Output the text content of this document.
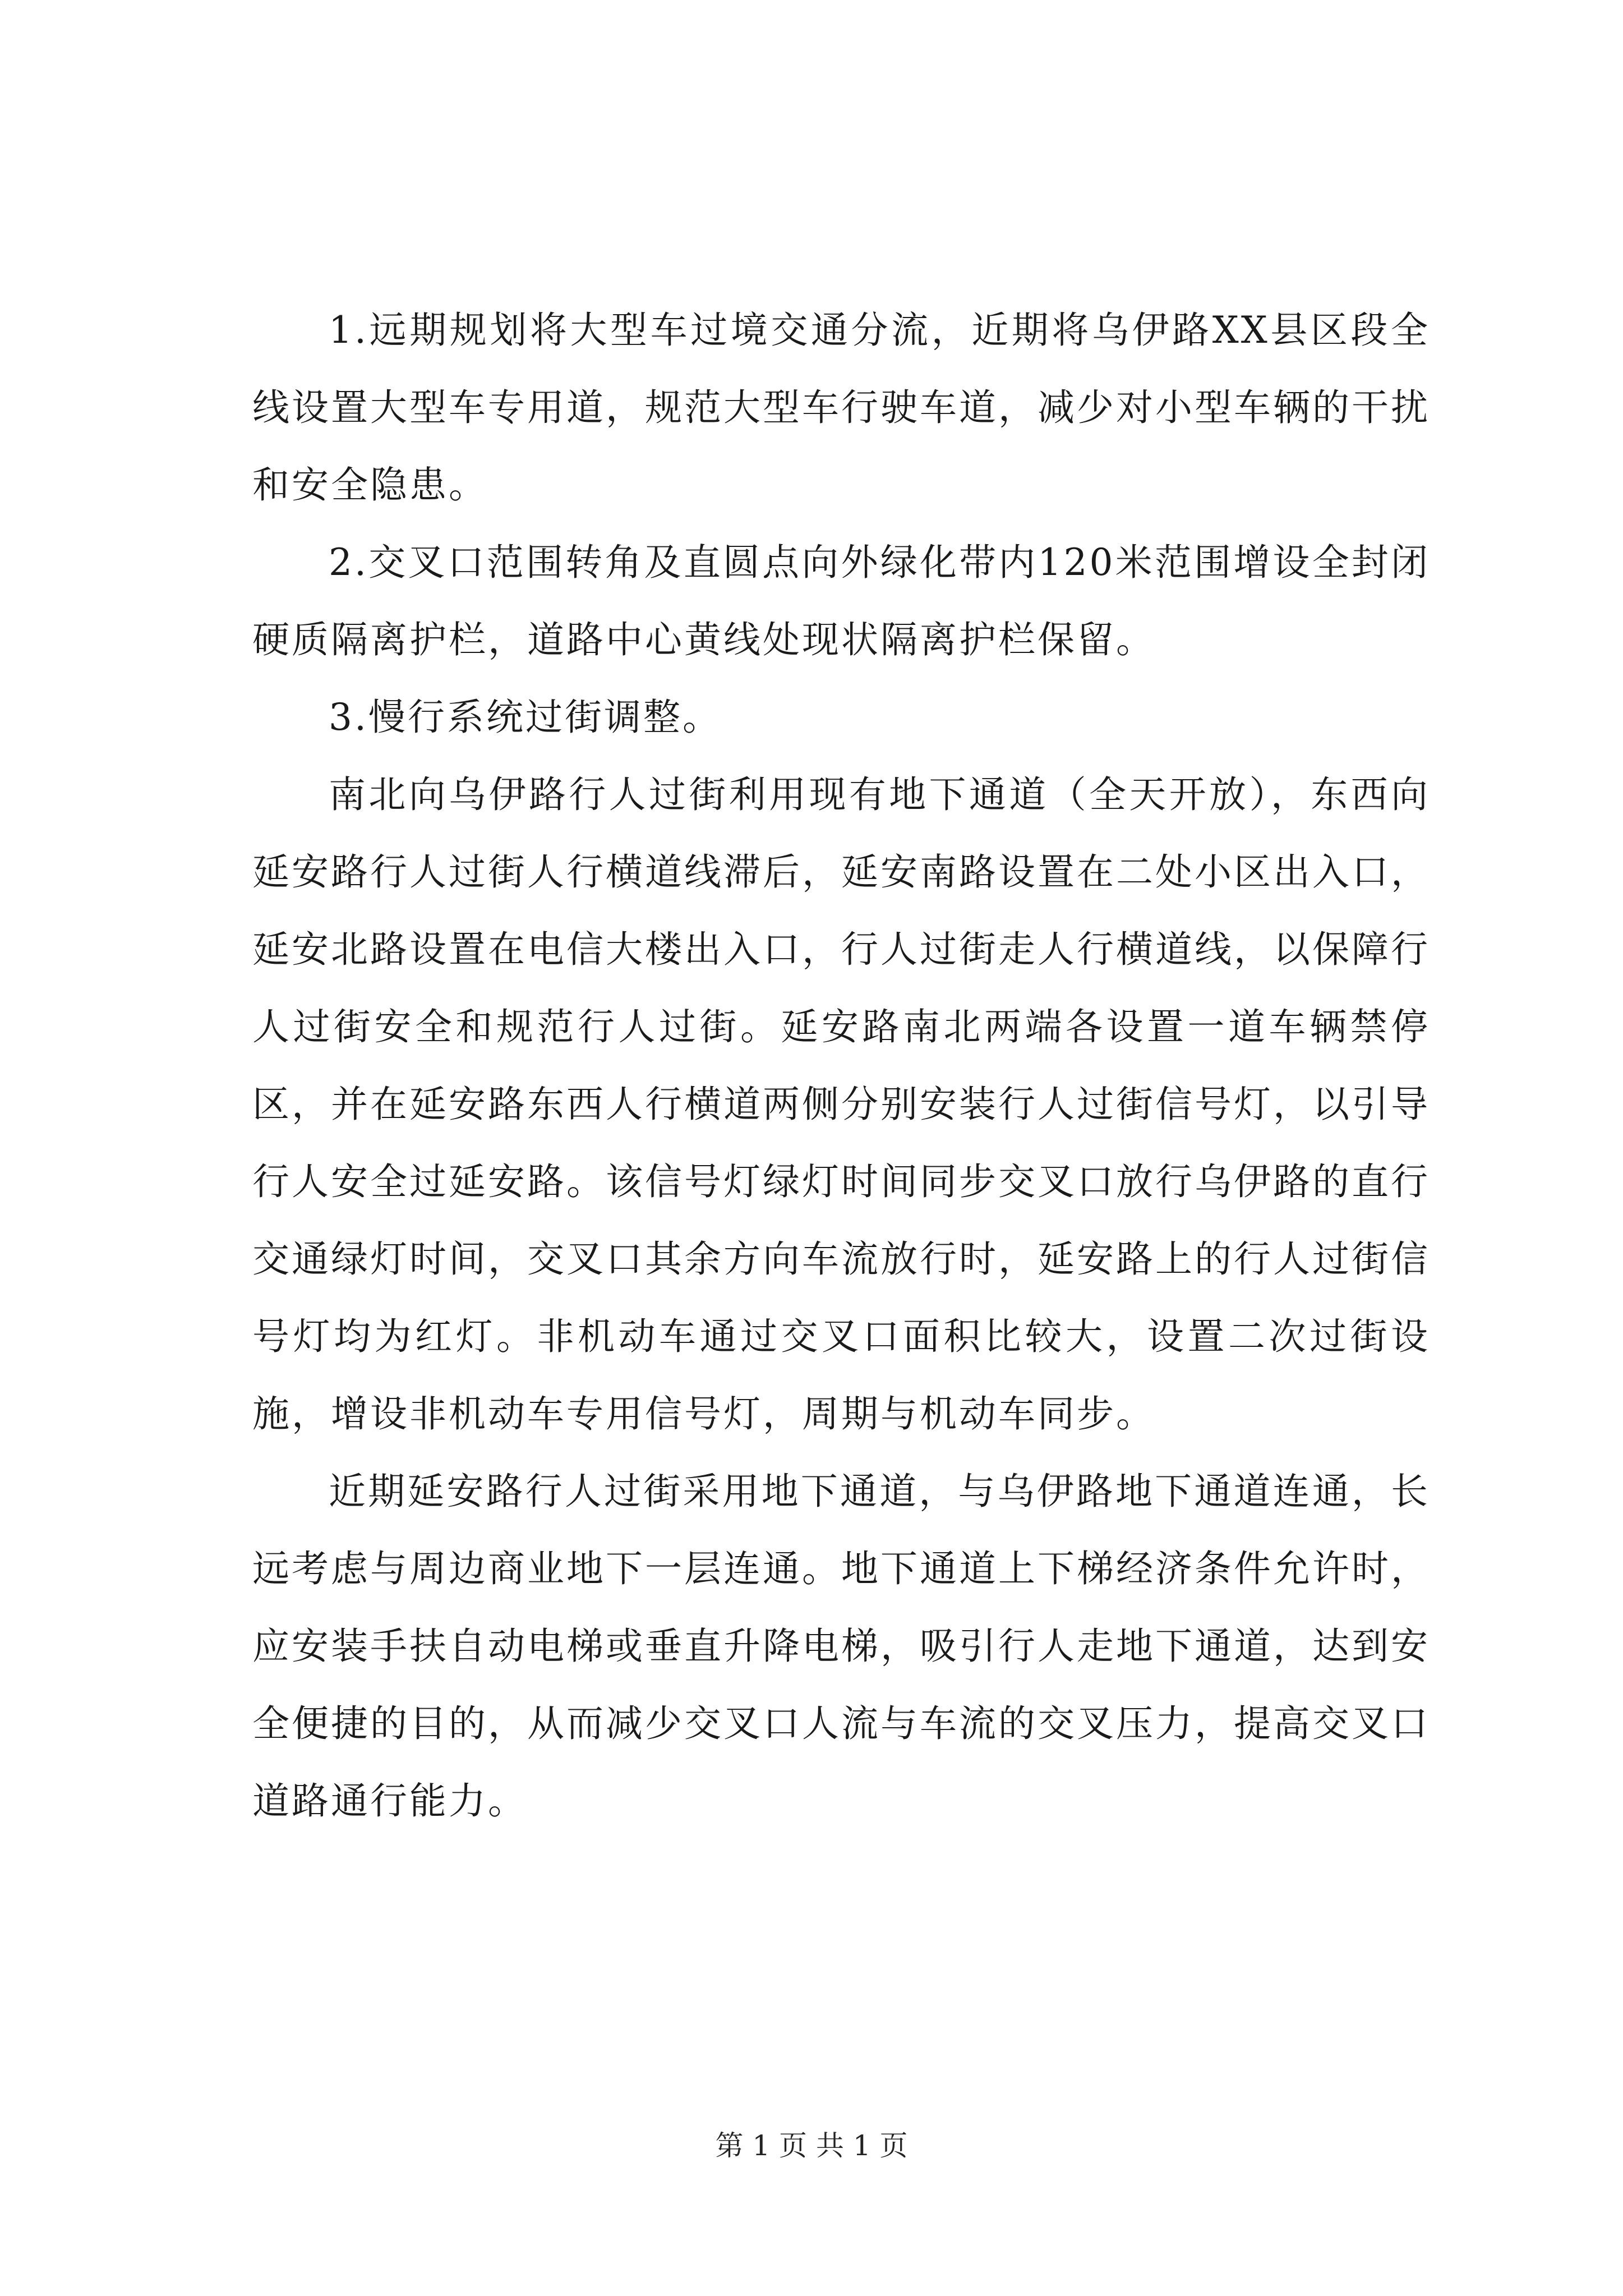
1.远期规划将大型车过境交通分流，近期将乌伊路XX县区段全线设置大型车专用道，规范大型车行驶车道，减少对小型车辆的干扰和安全隐患。

2.交叉口范围转角及直圆点向外绿化带内120米范围增设全封闭硬质隔离护栏，道路中心黄线处现状隔离护栏保留。

3.慢行系统过街调整。

南北向乌伊路行人过街利用现有地下通道（全天开放），东西向延安路行人过街人行横道线滞后，延安南路设置在二处小区出入口，延安北路设置在电信大楼出入口，行人过街走人行横道线，以保障行人过街安全和规范行人过街。延安路南北两端各设置一道车辆禁停区，并在延安路东西人行横道两侧分别安装行人过街信号灯，以引导行人安全过延安路。该信号灯绿灯时间同步交叉口放行乌伊路的直行交通绿灯时间，交叉口其余方向车流放行时，延安路上的行人过街信号灯均为红灯。非机动车通过交叉口面积比较大，设置二次过街设施，增设非机动车专用信号灯，周期与机动车同步。

近期延安路行人过街采用地下通道，与乌伊路地下通道连通，长远考虑与周边商业地下一层连通。地下通道上下梯经济条件允许时，应安装手扶自动电梯或垂直升降电梯，吸引行人走地下通道，达到安全便捷的目的，从而减少交叉口人流与车流的交叉压力，提高交叉口道路通行能力。

第 1 页 共 1 页
